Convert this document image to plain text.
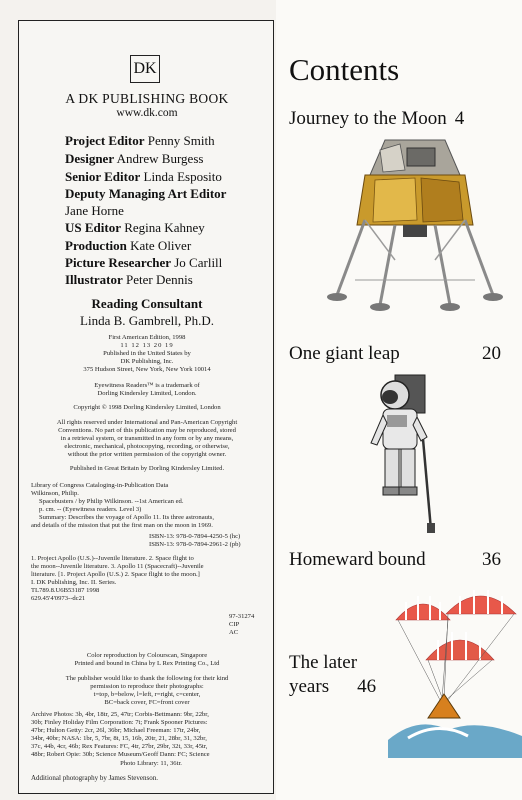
DK
A DK PUBLISHING BOOK
www.dk.com
Project Editor Penny Smith
Designer Andrew Burgess
Senior Editor Linda Esposito
Deputy Managing Art Editor
Jane Horne
US Editor Regina Kahney
Production Kate Oliver
Picture Researcher Jo Carlill
Illustrator Peter Dennis
Reading Consultant
Linda B. Gambrell, Ph.D.
First American Edition, 1998
11 12 13 20 19
Published in the United States by
DK Publishing, Inc.
375 Hudson Street, New York, New York 10014
Eyewitness Readers™ is a trademark of
Dorling Kindersley Limited, London.
Copyright © 1998 Dorling Kindersley Limited, London
All rights reserved under International and Pan-American Copyright
Conventions. No part of this publication may be reproduced, stored
in a retrieval system, or transmitted in any form or by any means,
electronic, mechanical, photocopying, recording, or otherwise,
without the prior written permission of the copyright owner.
Published in Great Britain by Dorling Kindersley Limited.
Library of Congress Cataloging-in-Publication Data
Wilkinson, Philip.
Spacebusters / by Philip Wilkinson. --1st American ed.
p. cm. -- (Eyewitness readers. Level 3)
Summary: Describes the voyage of Apollo 11. Its three astronauts,
and details of the mission that put the first man on the moon in 1969.
ISBN-13: 978-0-7894-4250-5 (hc)
ISBN-13: 978-0-7894-2961-2 (pb)
1. Project Apollo (U.S.)--Juvenile literature. 2. Space flight to
the moon--Juvenile literature. 3. Apollo 11 (Spacecraft)--Juvenile
literature. [1. Project Apollo (U.S.) 2. Space flight to the moon.]
I. DK Publishing, Inc. II. Series.
TL789.8.U6B53187 1998
629.45'4'0973--dc21
97-31274
CIP
AC
Color reproduction by Colourscan, Singapore
Printed and bound in China by L Rex Printing Co., Ltd
The publisher would like to thank the following for their kind
permission to reproduce their photographs:
t=top, b=below, l=left, r=right, c=center,
BC=back cover, FC=front cover
Archive Photos: 3b, 4br, 18tr, 25, 47tr; Corbis-Bettmann: 9br, 22br,
30b; Finley Holiday Film Corporation: 7t; Frank Spooner Pictures:
47br; Hulton Getty: 2cr, 26l, 36br; Michael Freeman: 17tr, 24br,
34br, 40br; NASA: 1br, 5, 7br, 8t, 15, 16b, 20tr, 21, 28br, 31, 32br,
37c, 44b, 4cr, 46b; Rex Features: FC, 4tr, 27br, 29br, 32t, 33r, 45tr,
48br; Robert Opie: 30b; Science Museum/Geoff Dann: FC; Science
Photo Library: 11, 36tr.
Additional photography by James Stevenson.
Contents
Journey to the Moon 4
One giant leap	20
Homeward bound	36
The later
years 46
